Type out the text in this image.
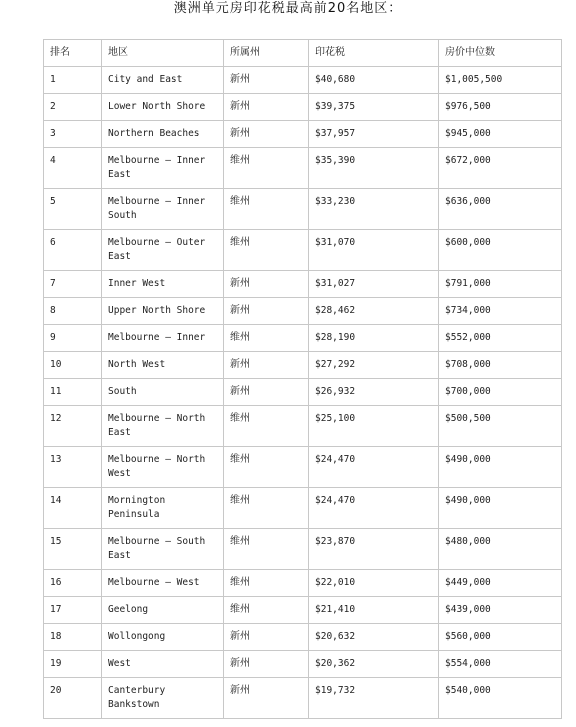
澳洲单元房印花税最高前20名地区：
排名	地区	所属州	印花税	房价中位数
1	City and East	新州	$40,680	$1,005,500
2	Lower North Shore	新州	$39,375	$976,500
3	Northern Beaches	新州	$37,957	$945,000
4	Melbourne – Inner East	维州	$35,390	$672,000
5	Melbourne – Inner South	维州	$33,230	$636,000
6	Melbourne – Outer East	维州	$31,070	$600,000
7	Inner West	新州	$31,027	$791,000
8	Upper North Shore	新州	$28,462	$734,000
9	Melbourne – Inner	维州	$28,190	$552,000
10	North West	新州	$27,292	$708,000
11	South	新州	$26,932	$700,000
12	Melbourne – North East	维州	$25,100	$500,500
13	Melbourne – North West	维州	$24,470	$490,000
14	Mornington Peninsula	维州	$24,470	$490,000
15	Melbourne – South East	维州	$23,870	$480,000
16	Melbourne – West	维州	$22,010	$449,000
17	Geelong	维州	$21,410	$439,000
18	Wollongong	新州	$20,632	$560,000
19	West	新州	$20,362	$554,000
20	Canterbury Bankstown	新州	$19,732	$540,000
